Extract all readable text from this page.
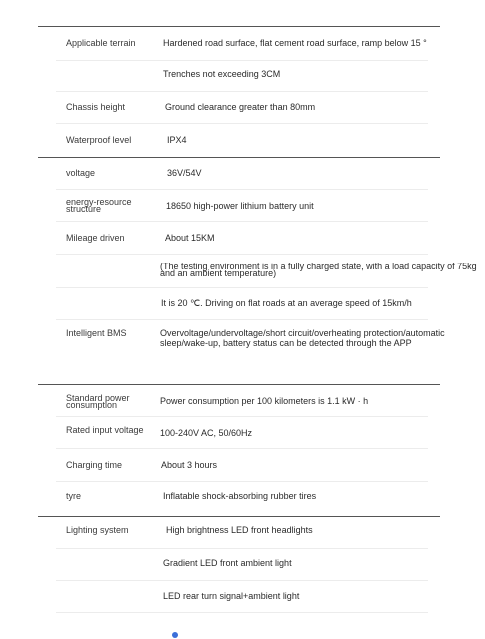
Applicable terrain	Hardened road surface, flat cement road surface, ramp below 15 °
Trenches not exceeding 3CM
Chassis height	Ground clearance greater than 80mm
Waterproof level	IPX4
voltage	36V/54V
energy-resource structure	18650 high-power lithium battery unit
Mileage driven	About 15KM
(The testing environment is in a fully charged state, with a load capacity of 75kg and an ambient temperature)
It is 20 ℃. Driving on flat roads at an average speed of 15km/h
Intelligent BMS	Overvoltage/undervoltage/short circuit/overheating protection/automatic sleep/wake-up, battery status can be detected through the APP
Standard power consumption	Power consumption per 100 kilometers is 1.1 kW · h
Rated input voltage	100-240V AC, 50/60Hz
Charging time	About 3 hours
tyre	Inflatable shock-absorbing rubber tires
Lighting system	High brightness LED front headlights
Gradient LED front ambient light
LED rear turn signal+ambient light
